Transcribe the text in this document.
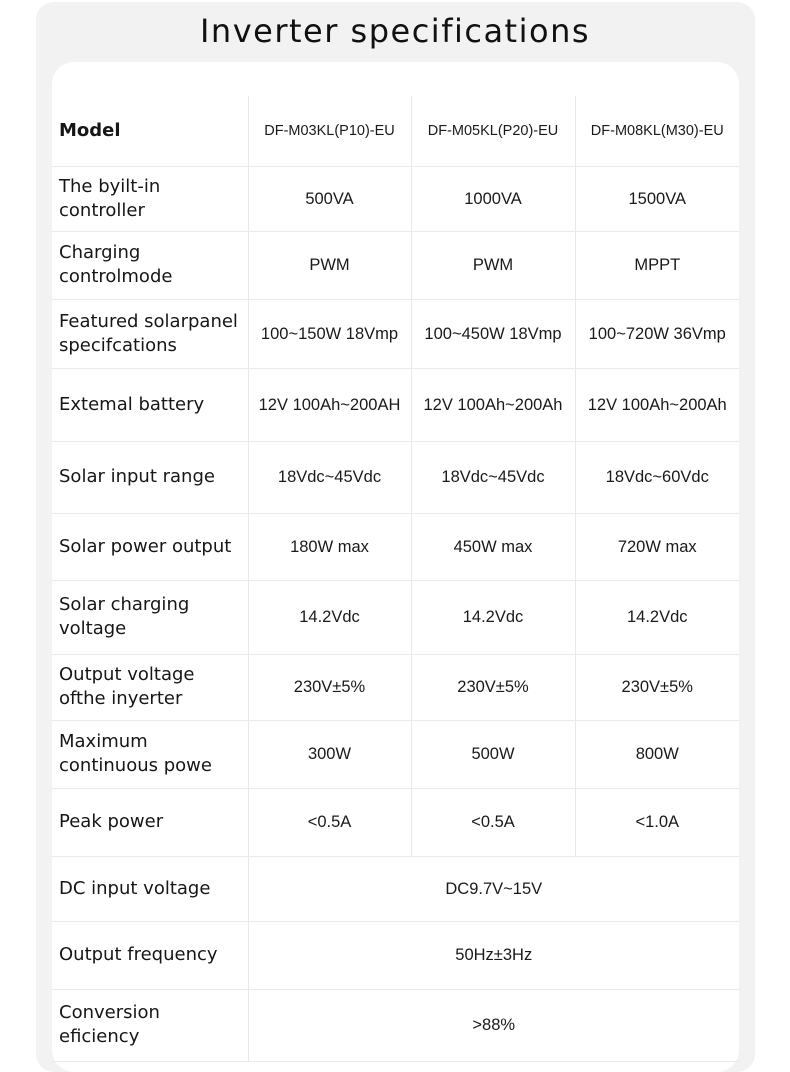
Inverter specifications
Model	DF-M03KL(P10)-EU	DF-M05KL(P20)-EU	DF-M08KL(M30)-EU
The byilt-in controller	500VA	1000VA	1500VA
Charging controlmode	PWM	PWM	MPPT
Featured solarpanel specifcations	100~150W 18Vmp	100~450W 18Vmp	100~720W 36Vmp
Extemal battery	12V 100Ah~200AH	12V 100Ah~200Ah	12V 100Ah~200Ah
Solar input range	18Vdc~45Vdc	18Vdc~45Vdc	18Vdc~60Vdc
Solar power output	180W max	450W max	720W max
Solar charging voltage	14.2Vdc	14.2Vdc	14.2Vdc
Output voltage ofthe inyerter	230V±5%	230V±5%	230V±5%
Maximum continuous powe	300W	500W	800W
Peak power	<0.5A	<0.5A	<1.0A
DC input voltage	DC9.7V~15V		
Output frequency	50Hz±3Hz		
Conversion eficiency	>88%		
